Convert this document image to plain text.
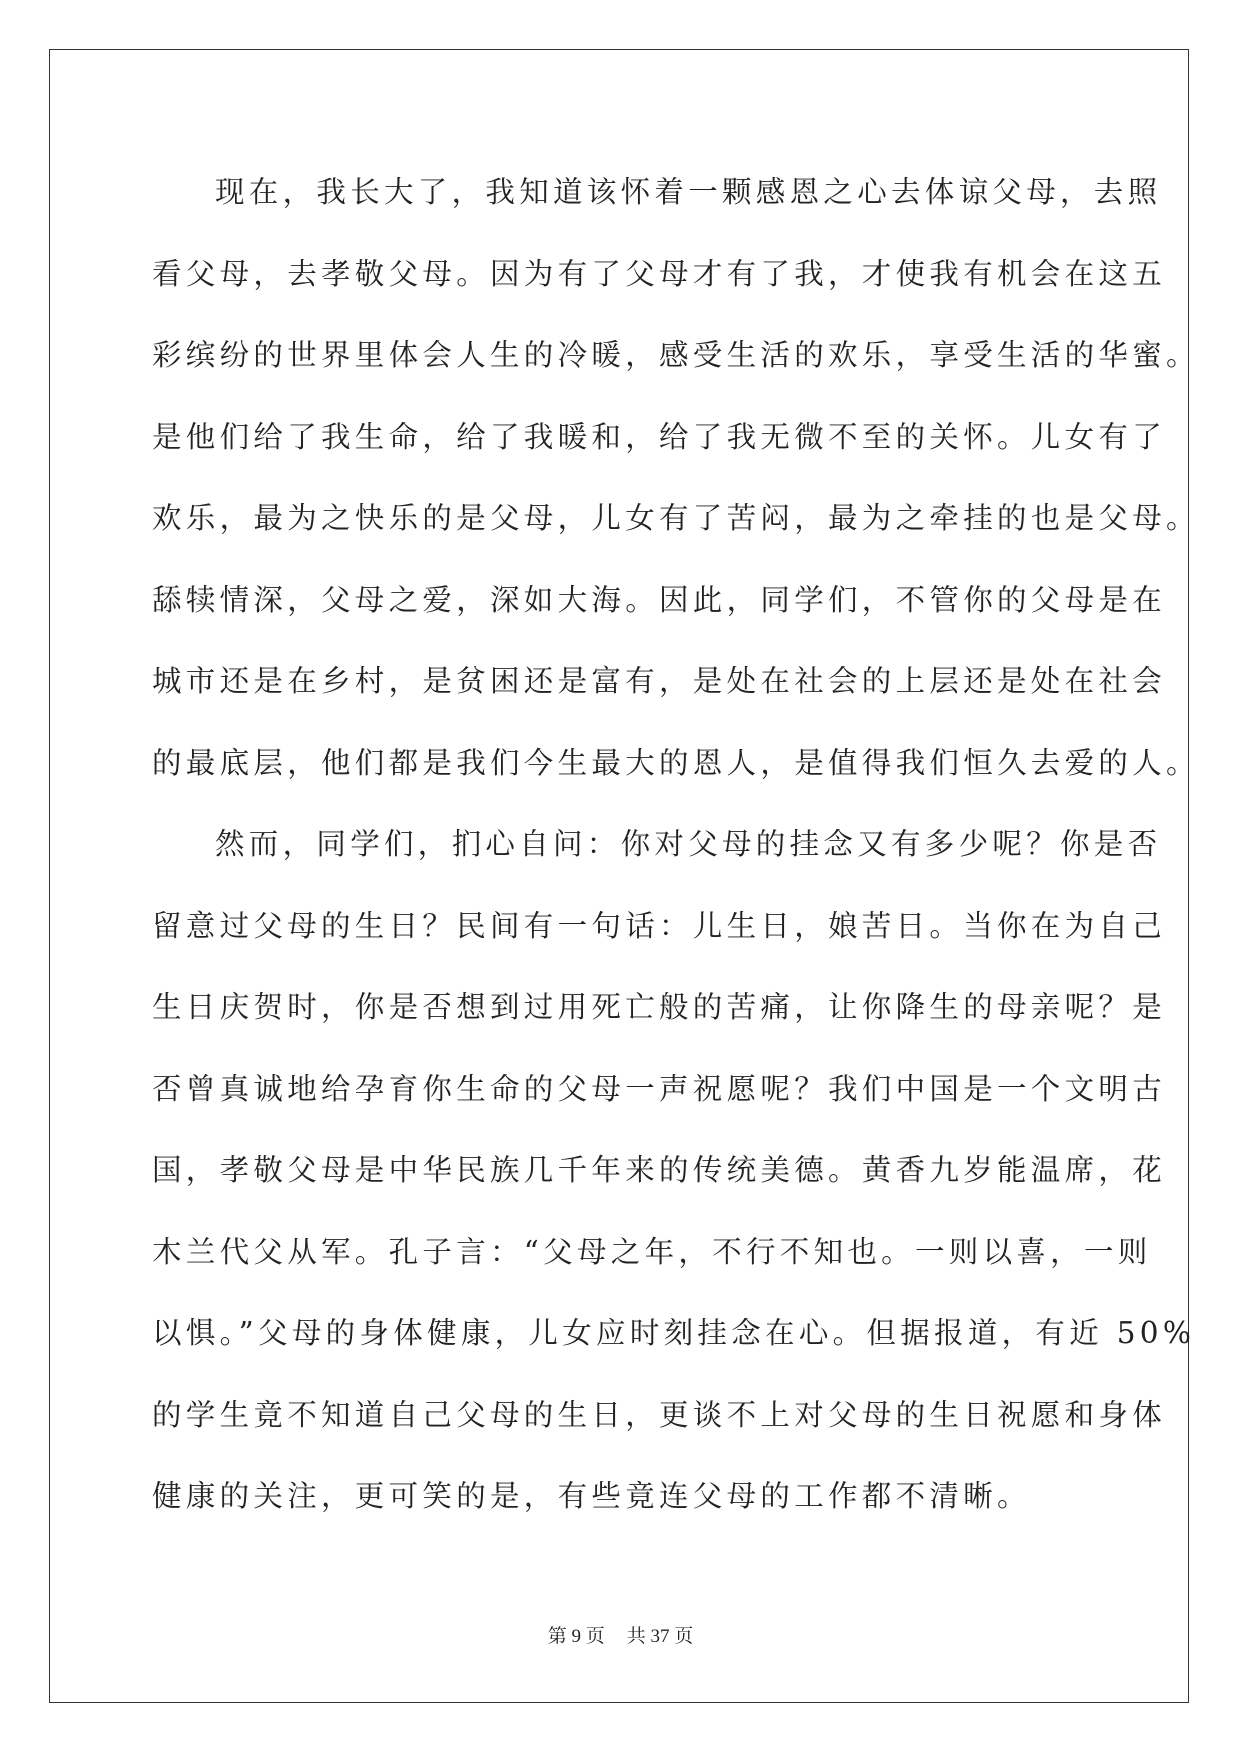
现在，我长大了，我知道该怀着一颗感恩之心去体谅父母，去照
看父母，去孝敬父母。因为有了父母才有了我，才使我有机会在这五
彩缤纷的世界里体会人生的冷暖，感受生活的欢乐，享受生活的华蜜。
是他们给了我生命，给了我暖和，给了我无微不至的关怀。儿女有了
欢乐，最为之快乐的是父母，儿女有了苦闷，最为之牵挂的也是父母。
舔犊情深，父母之爱，深如大海。因此，同学们，不管你的父母是在
城市还是在乡村，是贫困还是富有，是处在社会的上层还是处在社会
的最底层，他们都是我们今生最大的恩人，是值得我们恒久去爱的人。
然而，同学们，扪心自问：你对父母的挂念又有多少呢？你是否
留意过父母的生日？民间有一句话：儿生日，娘苦日。当你在为自己
生日庆贺时，你是否想到过用死亡般的苦痛，让你降生的母亲呢？是
否曾真诚地给孕育你生命的父母一声祝愿呢？我们中国是一个文明古
国，孝敬父母是中华民族几千年来的传统美德。黄香九岁能温席，花
木兰代父从军。孔子言：“父母之年，不行不知也。一则以喜，一则
以惧。”父母的身体健康，儿女应时刻挂念在心。但据报道，有近 50%
的学生竟不知道自己父母的生日，更谈不上对父母的生日祝愿和身体
健康的关注，更可笑的是，有些竟连父母的工作都不清晰。
第 9 页 共 37 页
